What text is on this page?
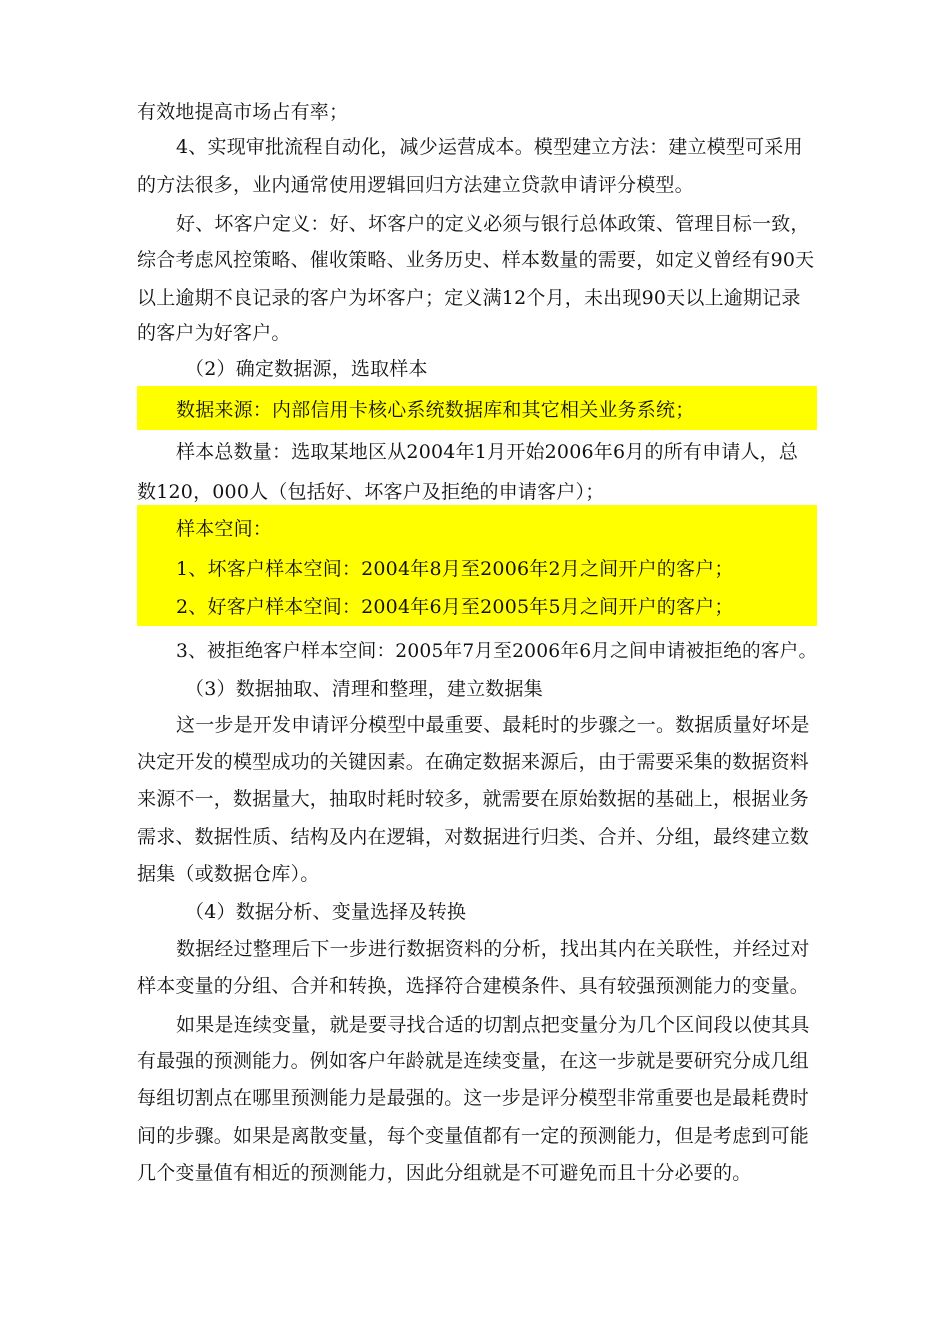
有效地提高市场占有率；
4、实现审批流程自动化，减少运营成本。模型建立方法：建立模型可采用
的方法很多，业内通常使用逻辑回归方法建立贷款申请评分模型。
好、坏客户定义：好、坏客户的定义必须与银行总体政策、管理目标一致，
综合考虑风控策略、催收策略、业务历史、样本数量的需要，如定义曾经有90天
以上逾期不良记录的客户为坏客户；定义满12个月，未出现90天以上逾期记录
的客户为好客户。
（2）确定数据源，选取样本
数据来源：内部信用卡核心系统数据库和其它相关业务系统；
样本总数量：选取某地区从2004年1月开始2006年6月的所有申请人，总
数120，000人（包括好、坏客户及拒绝的申请客户）；
样本空间：
1、坏客户样本空间：2004年8月至2006年2月之间开户的客户；
2、好客户样本空间：2004年6月至2005年5月之间开户的客户；
3、被拒绝客户样本空间：2005年7月至2006年6月之间申请被拒绝的客户。
（3）数据抽取、清理和整理，建立数据集
这一步是开发申请评分模型中最重要、最耗时的步骤之一。数据质量好坏是
决定开发的模型成功的关键因素。在确定数据来源后，由于需要采集的数据资料
来源不一，数据量大，抽取时耗时较多，就需要在原始数据的基础上，根据业务
需求、数据性质、结构及内在逻辑，对数据进行归类、合并、分组，最终建立数
据集（或数据仓库）。
（4）数据分析、变量选择及转换
数据经过整理后下一步进行数据资料的分析，找出其内在关联性，并经过对
样本变量的分组、合并和转换，选择符合建模条件、具有较强预测能力的变量。
如果是连续变量，就是要寻找合适的切割点把变量分为几个区间段以使其具
有最强的预测能力。例如客户年龄就是连续变量，在这一步就是要研究分成几组
每组切割点在哪里预测能力是最强的。这一步是评分模型非常重要也是最耗费时
间的步骤。如果是离散变量，每个变量值都有一定的预测能力，但是考虑到可能
几个变量值有相近的预测能力，因此分组就是不可避免而且十分必要的。
